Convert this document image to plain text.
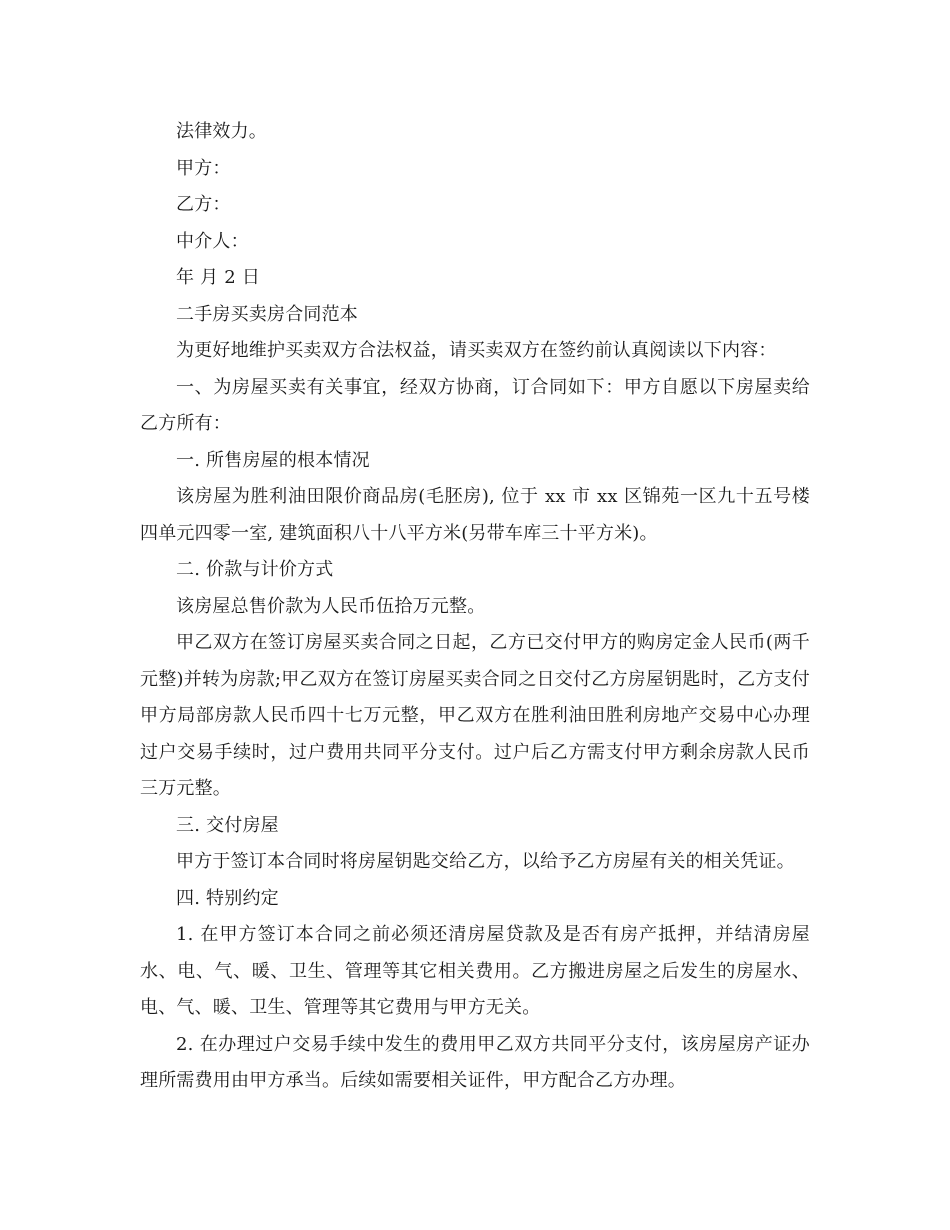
法律效力。

甲方：

乙方：

中介人：

年 月 2 日

二手房买卖房合同范本

为更好地维护买卖双方合法权益，请买卖双方在签约前认真阅读以下内容：

一、为房屋买卖有关事宜，经双方协商，订合同如下：甲方自愿以下房屋卖给乙方所有：

一. 所售房屋的根本情况

该房屋为胜利油田限价商品房(毛胚房), 位于 xx 市 xx 区锦苑一区九十五号楼四单元四零一室, 建筑面积八十八平方米(另带车库三十平方米)。

二. 价款与计价方式

该房屋总售价款为人民币伍拾万元整。

甲乙双方在签订房屋买卖合同之日起，乙方已交付甲方的购房定金人民币(两千元整)并转为房款;甲乙双方在签订房屋买卖合同之日交付乙方房屋钥匙时，乙方支付甲方局部房款人民币四十七万元整，甲乙双方在胜利油田胜利房地产交易中心办理过户交易手续时，过户费用共同平分支付。过户后乙方需支付甲方剩余房款人民币三万元整。

三. 交付房屋

甲方于签订本合同时将房屋钥匙交给乙方，以给予乙方房屋有关的相关凭证。

四. 特别约定

1. 在甲方签订本合同之前必须还清房屋贷款及是否有房产抵押，并结清房屋水、电、气、暖、卫生、管理等其它相关费用。乙方搬进房屋之后发生的房屋水、电、气、暖、卫生、管理等其它费用与甲方无关。

2. 在办理过户交易手续中发生的费用甲乙双方共同平分支付，该房屋房产证办理所需费用由甲方承当。后续如需要相关证件，甲方配合乙方办理。
